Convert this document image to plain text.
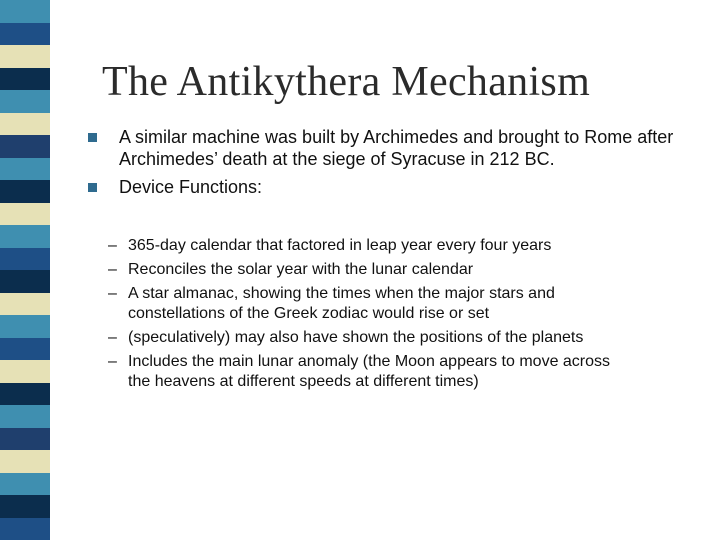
The Antikythera Mechanism
A similar machine was built by Archimedes and brought to Rome after Archimedes’ death at the siege of Syracuse in 212 BC.
Device Functions:
– 365-day calendar that factored in leap year every four years
– Reconciles the solar year with the lunar calendar
– A star almanac, showing the times when the major stars and constellations of the Greek zodiac would rise or set
– (speculatively) may also have shown the positions of the planets
– Includes the main lunar anomaly (the Moon appears to move across the heavens at different speeds at different times)
